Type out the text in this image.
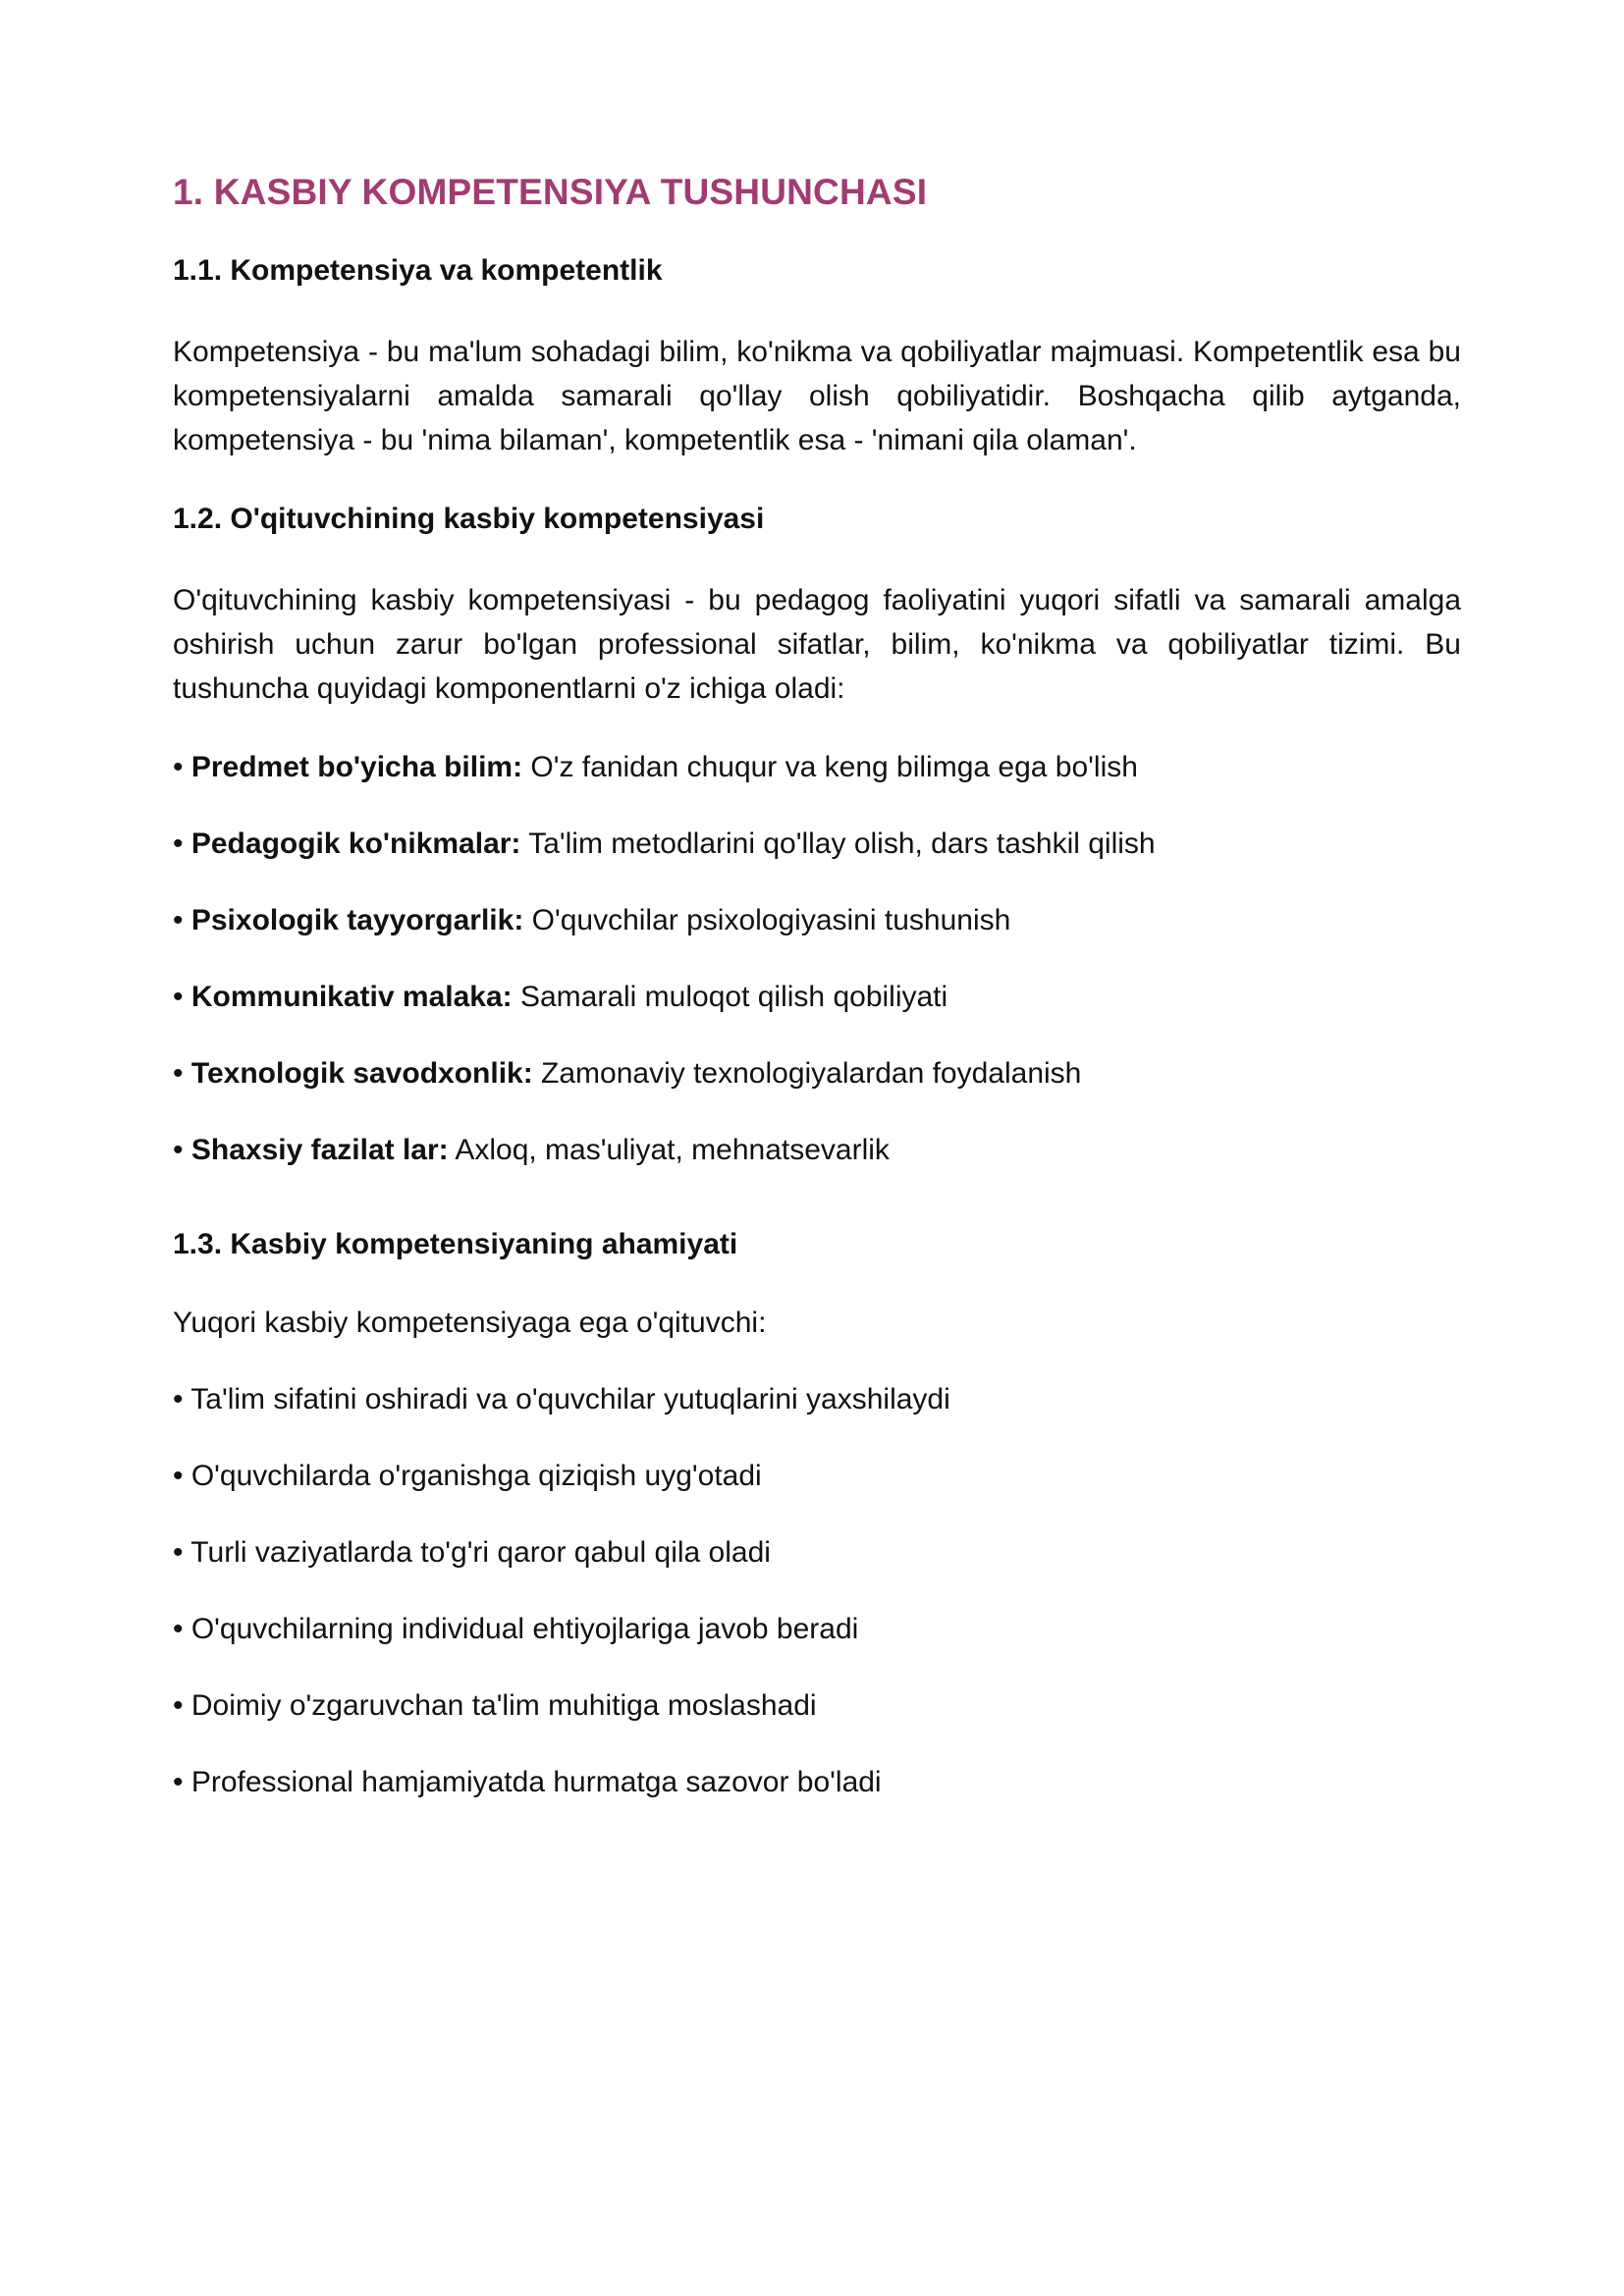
1. KASBIY KOMPETENSIYA TUSHUNCHASI
1.1. Kompetensiya va kompetentlik

Kompetensiya - bu ma'lum sohadagi bilim, ko'nikma va qobiliyatlar majmuasi. Kompetentlik esa bu kompetensiyalarni amalda samarali qo'llay olish qobiliyatidir. Boshqacha qilib aytganda, kompetensiya - bu 'nima bilaman', kompetentlik esa - 'nimani qila olaman'.

1.2. O'qituvchining kasbiy kompetensiyasi

O'qituvchining kasbiy kompetensiyasi - bu pedagog faoliyatini yuqori sifatli va samarali amalga oshirish uchun zarur bo'lgan professional sifatlar, bilim, ko'nikma va qobiliyatlar tizimi. Bu tushuncha quyidagi komponentlarni o'z ichiga oladi:

• Predmet bo'yicha bilim: O'z fanidan chuqur va keng bilimga ega bo'lish

• Pedagogik ko'nikmalar: Ta'lim metodlarini qo'llay olish, dars tashkil qilish

• Psixologik tayyorgarlik: O'quvchilar psixologiyasini tushunish

• Kommunikativ malaka: Samarali muloqot qilish qobiliyati

• Texnologik savodxonlik: Zamonaviy texnologiyalardan foydalanish

• Shaxsiy fazilat lar: Axloq, mas'uliyat, mehnatsevarlik

1.3. Kasbiy kompetensiyaning ahamiyati

Yuqori kasbiy kompetensiyaga ega o'qituvchi:

• Ta'lim sifatini oshiradi va o'quvchilar yutuqlarini yaxshilaydi

• O'quvchilarda o'rganishga qiziqish uyg'otadi

• Turli vaziyatlarda to'g'ri qaror qabul qila oladi

• O'quvchilarning individual ehtiyojlariga javob beradi

• Doimiy o'zgaruvchan ta'lim muhitiga moslashadi

• Professional hamjamiyatda hurmatga sazovor bo'ladi
